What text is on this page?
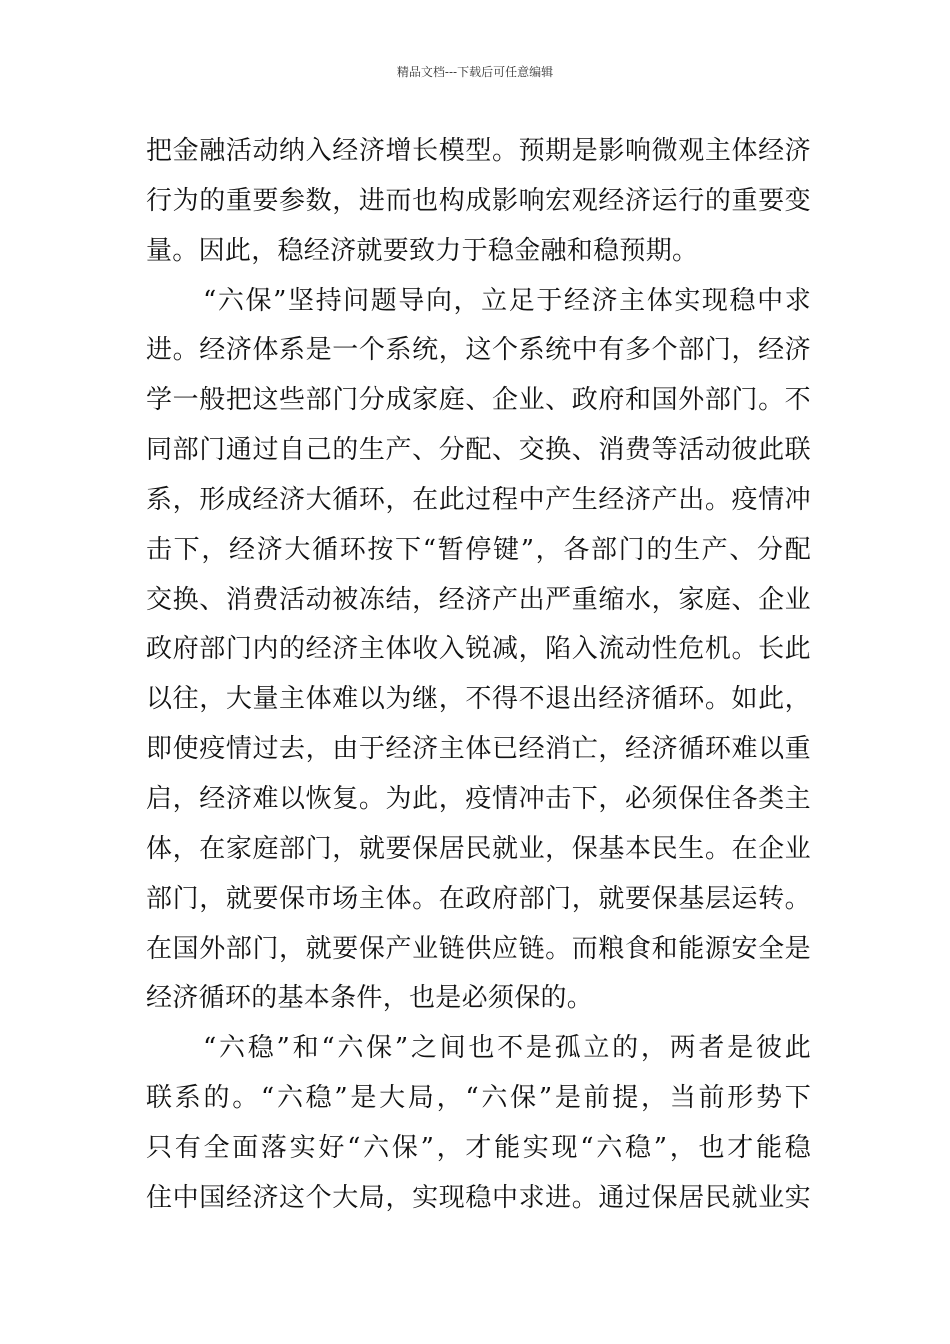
精品文档---下载后可任意编辑
把金融活动纳入经济增长模型。预期是影响微观主体经济
行为的重要参数，进而也构成影响宏观经济运行的重要变
量。因此，稳经济就要致力于稳金融和稳预期。
“六保”坚持问题导向，立足于经济主体实现稳中求
进。经济体系是一个系统，这个系统中有多个部门，经济
学一般把这些部门分成家庭、企业、政府和国外部门。不
同部门通过自己的生产、分配、交换、消费等活动彼此联
系，形成经济大循环，在此过程中产生经济产出。疫情冲
击下，经济大循环按下“暂停键”，各部门的生产、分配
交换、消费活动被冻结，经济产出严重缩水，家庭、企业
政府部门内的经济主体收入锐减，陷入流动性危机。长此
以往，大量主体难以为继，不得不退出经济循环。如此，
即使疫情过去，由于经济主体已经消亡，经济循环难以重
启，经济难以恢复。为此，疫情冲击下，必须保住各类主
体，在家庭部门，就要保居民就业，保基本民生。在企业
部门，就要保市场主体。在政府部门，就要保基层运转。
在国外部门，就要保产业链供应链。而粮食和能源安全是
经济循环的基本条件，也是必须保的。
“六稳”和“六保”之间也不是孤立的，两者是彼此
联系的。“六稳”是大局，“六保”是前提，当前形势下
只有全面落实好“六保”，才能实现“六稳”，也才能稳
住中国经济这个大局，实现稳中求进。通过保居民就业实
